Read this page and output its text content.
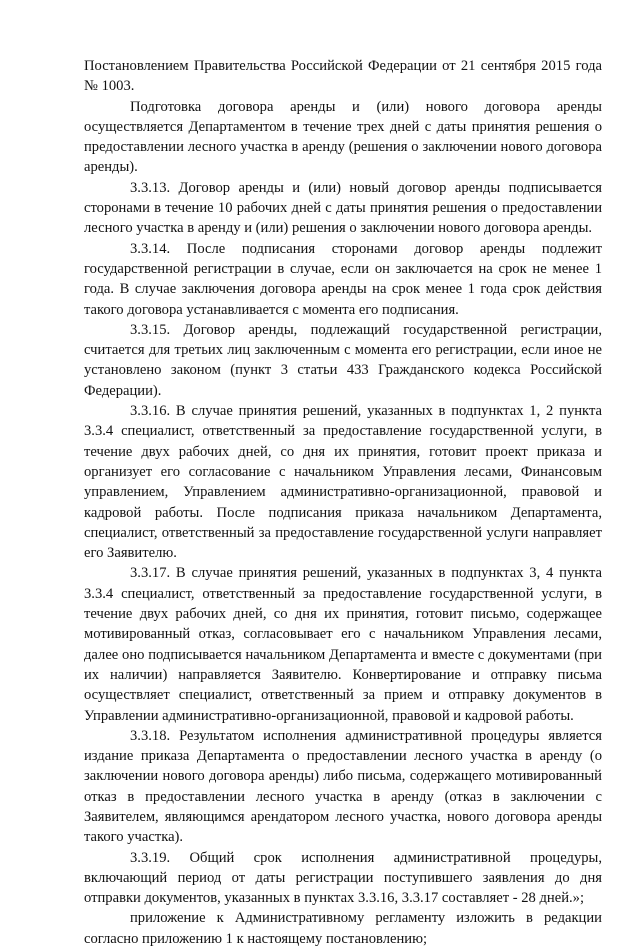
Постановлением Правительства Российской Федерации от 21 сентября 2015 года № 1003.

Подготовка договора аренды и (или) нового договора аренды осуществляется Департаментом в течение трех дней с даты принятия решения о предоставлении лесного участка в аренду (решения о заключении нового договора аренды).

3.3.13. Договор аренды и (или) новый договор аренды подписывается сторонами в течение 10 рабочих дней с даты принятия решения о предоставлении лесного участка в аренду и (или) решения о заключении нового договора аренды.

3.3.14. После подписания сторонами договор аренды подлежит государственной регистрации в случае, если он заключается на срок не менее 1 года. В случае заключения договора аренды на срок менее 1 года срок действия такого договора устанавливается с момента его подписания.

3.3.15. Договор аренды, подлежащий государственной регистрации, считается для третьих лиц заключенным с момента его регистрации, если иное не установлено законом (пункт 3 статьи 433 Гражданского кодекса Российской Федерации).

3.3.16. В случае принятия решений, указанных в подпунктах 1, 2 пункта 3.3.4 специалист, ответственный за предоставление государственной услуги, в течение двух рабочих дней, со дня их принятия, готовит проект приказа и организует его согласование с начальником Управления лесами, Финансовым управлением, Управлением административно-организационной, правовой и кадровой работы. После подписания приказа начальником Департамента, специалист, ответственный за предоставление государственной услуги направляет его Заявителю.

3.3.17. В случае принятия решений, указанных в подпунктах 3, 4 пункта 3.3.4 специалист, ответственный за предоставление государственной услуги, в течение двух рабочих дней, со дня их принятия, готовит письмо, содержащее мотивированный отказ, согласовывает его с начальником Управления лесами, далее оно подписывается начальником Департамента и вместе с документами (при их наличии) направляется Заявителю. Конвертирование и отправку письма осуществляет специалист, ответственный за прием и отправку документов в Управлении административно-организационной, правовой и кадровой работы.

3.3.18. Результатом исполнения административной процедуры является издание приказа Департамента о предоставлении лесного участка в аренду (о заключении нового договора аренды) либо письма, содержащего мотивированный отказ в предоставлении лесного участка в аренду (отказ в заключении с Заявителем, являющимся арендатором лесного участка, нового договора аренды такого участка).

3.3.19. Общий срок исполнения административной процедуры, включающий период от даты регистрации поступившего заявления до дня отправки документов, указанных в пунктах 3.3.16, 3.3.17 составляет - 28 дней.»;

приложение к Административному регламенту изложить в редакции согласно приложению 1 к настоящему постановлению;
